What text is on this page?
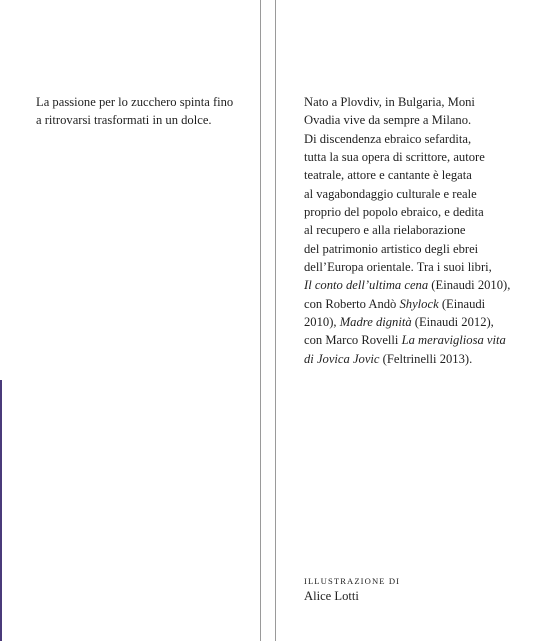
La passione per lo zucchero spinta fino
a ritrovarsi trasformati in un dolce.

Nato a Plovdiv, in Bulgaria, Moni
Ovadia vive da sempre a Milano.
Di discendenza ebraico sefardita,
tutta la sua opera di scrittore, autore
teatrale, attore e cantante è legata
al vagabondaggio culturale e reale
proprio del popolo ebraico, e dedita
al recupero e alla rielaborazione
del patrimonio artistico degli ebrei
dell’Europa orientale. Tra i suoi libri,
Il conto dell’ultima cena (Einaudi 2010),
con Roberto Andò Shylock (Einaudi
2010), Madre dignità (Einaudi 2012),
con Marco Rovelli La meravigliosa vita
di Jovica Jovic (Feltrinelli 2013).

ILLUSTRAZIONE DI
Alice Lotti
